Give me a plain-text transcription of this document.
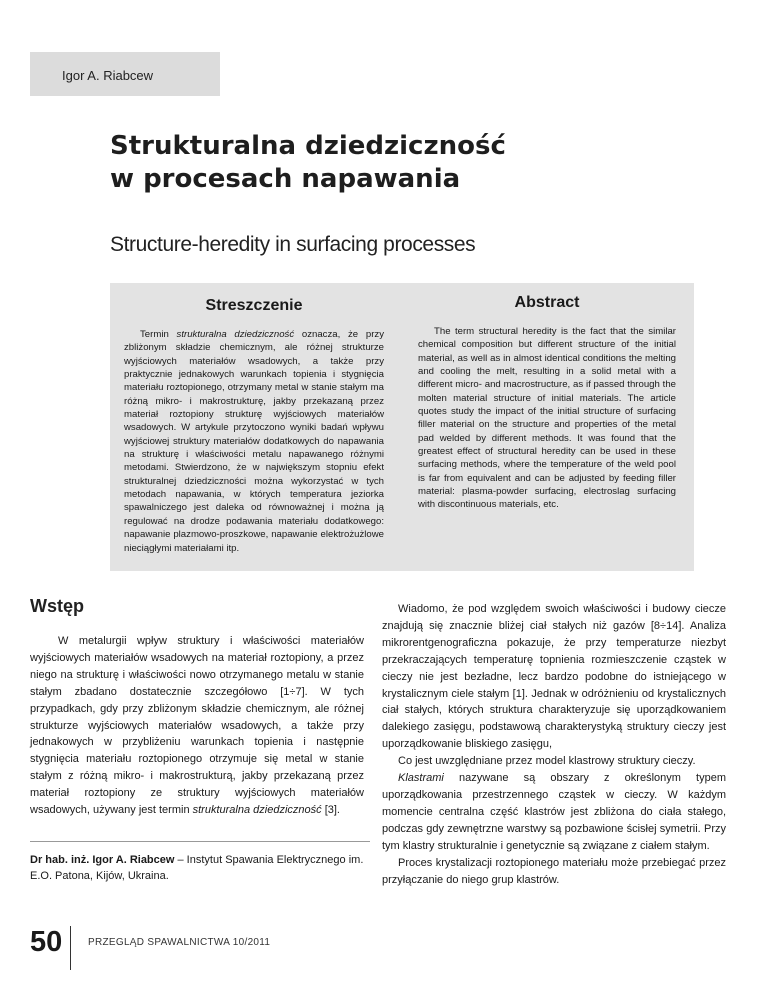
Igor A. Riabcew
Strukturalna dziedziczność
w procesach napawania
Structure-heredity in surfacing processes
Streszczenie

Termin strukturalna dziedziczność oznacza, że przy zbliżonym składzie chemicznym, ale różnej strukturze wyjściowych materiałów wsadowych, a także przy praktycznie jednakowych warunkach topienia i stygnięcia materiału roztopionego, otrzymany metal w stanie stałym ma różną mikro- i makrostrukturę, jakby przekazaną przez materiał roztopiony strukturę wyjściowych materiałów wsadowych. W artykule przytoczono wyniki badań wpływu wyjściowej struktury materiałów dodatkowych do napawania na strukturę i właściwości metalu napawanego różnymi metodami. Stwierdzono, że w największym stopniu efekt strukturalnej dziedziczności można wykorzystać w tych metodach napawania, w których temperatura jeziorka spawalniczego jest daleka od równoważnej i można ją regulować na drodze podawania materiału dodatkowego: napawanie plazmowo-proszkowe, napawanie elektrożużlowe nieciągłymi materiałami itp.

Abstract

The term structural heredity is the fact that the similar chemical composition but different structure of the initial material, as well as in almost identical conditions the melting and cooling the melt, resulting in a solid metal with a different micro- and macrostructure, as if passed through the molten material structure of initial materials. The article quotes study the impact of the initial structure of surfacing filler material on the structure and properties of the metal pad welded by different methods. It was found that the greatest effect of structural heredity can be used in these surfacing methods, where the temperature of the weld pool is far from equivalent and can be adjusted by feeding filler material: plasma-powder surfacing, electroslag surfacing with discontinuous materials, etc.

Wstęp

W metalurgii wpływ struktury i właściwości materiałów wyjściowych materiałów wsadowych na materiał roztopiony, a przez niego na strukturę i właściwości nowo otrzymanego metalu w stanie stałym zbadano dostatecznie szczegółowo [1÷7]. W tych przypadkach, gdy przy zbliżonym składzie chemicznym, ale różnej strukturze wyjściowych materiałów wsadowych, a także przy jednakowych w przybliżeniu warunkach topienia i następnie stygnięcia materiału roztopionego otrzymuje się metal w stanie stałym z różną mikro- i makrostrukturą, jakby przekazaną przez materiał roztopiony ze struktury wyjściowych materiałów wsadowych, używany jest termin strukturalna dziedziczność [3].

Dr hab. inż. Igor A. Riabcew – Instytut Spawania Elektrycznego im. E.O. Patona, Kijów, Ukraina.

Wiadomo, że pod względem swoich właściwości i budowy ciecze znajdują się znacznie bliżej ciał stałych niż gazów [8÷14]. Analiza mikrorentgenograficzna pokazuje, że przy temperaturze niezbyt przekraczających temperaturę topnienia rozmieszczenie cząstek w cieczy nie jest bezładne, lecz bardzo podobne do istniejącego w krystalicznym ciele stałym [1]. Jednak w odróżnieniu od krystalicznych ciał stałych, których struktura charakteryzuje się uporządkowaniem dalekiego zasięgu, podstawową charakterystyką struktury cieczy jest uporządkowanie bliskiego zasięgu,

Co jest uwzględniane przez model klastrowy struktury cieczy.

Klastrami nazywane są obszary z określonym typem uporządkowania przestrzennego cząstek w cieczy. W każdym momencie centralna część klastrów jest zbliżona do ciała stałego, podczas gdy zewnętrzne warstwy są pozbawione ścisłej symetrii. Przy tym klastry strukturalnie i genetycznie są związane z ciałem stałym.

Proces krystalizacji roztopionego materiału może przebiegać przez przyłączanie do niego grup klastrów.

50	PRZEGLĄD SPAWALNICTWA 10/2011
